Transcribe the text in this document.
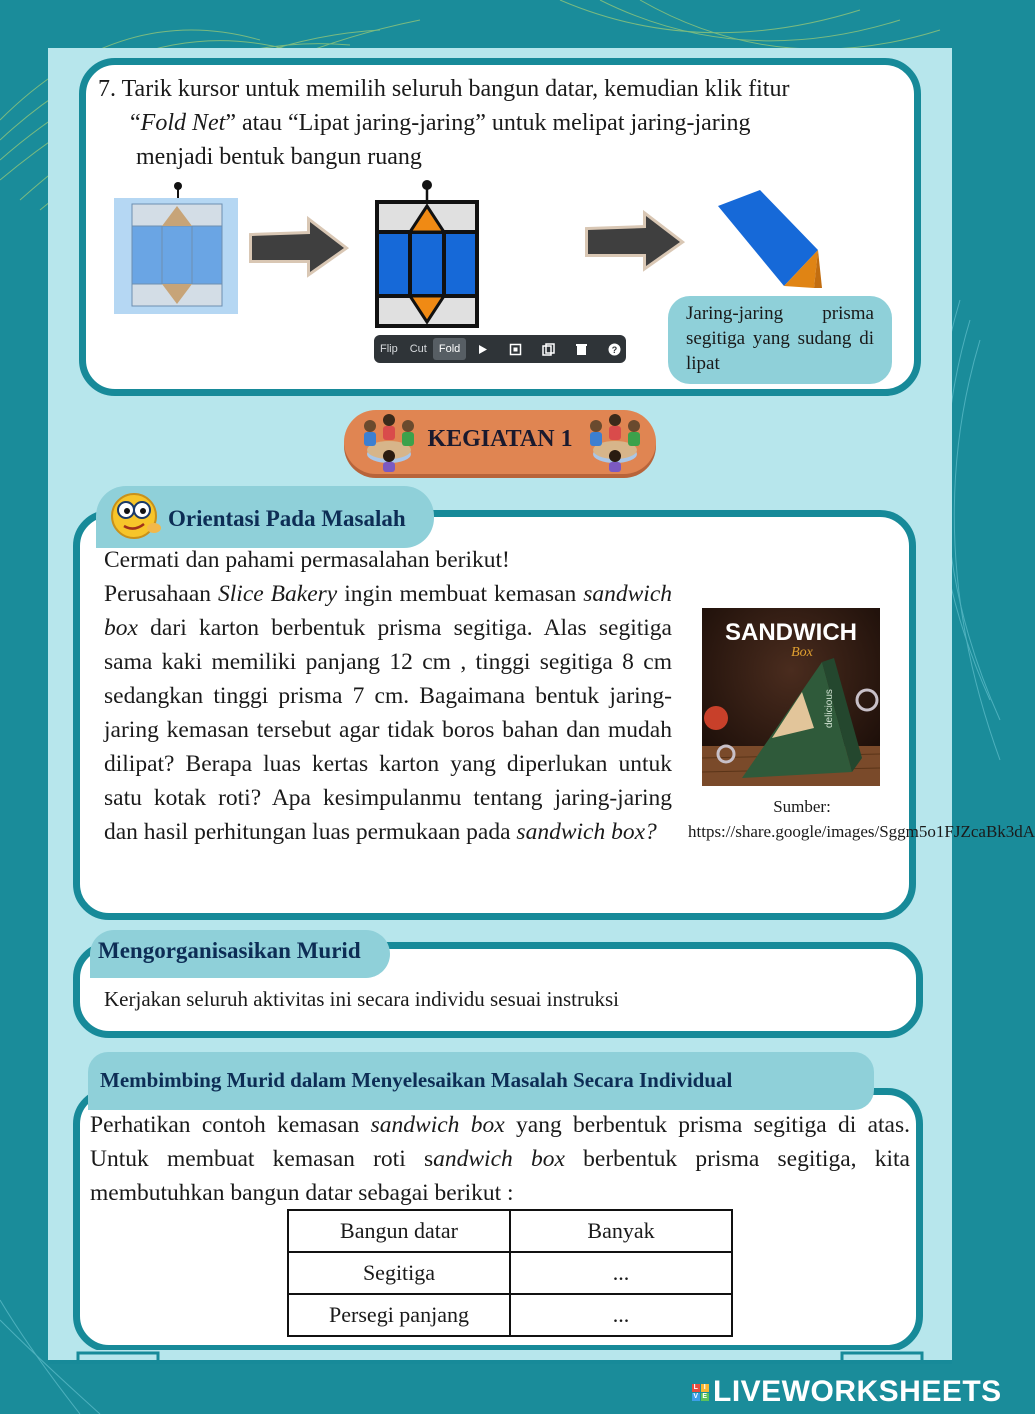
7. Tarik kursor untuk memilih seluruh bangun datar, kemudian klik fitur
“Fold Net” atau “Lipat jaring-jaring” untuk melipat jaring-jaring
menjadi bentuk bangun ruang
Flip	Cut	Fold Net
?
Jaring-jaring prisma segitiga yang sudang di lipat
KEGIATAN 1
Orientasi Pada Masalah
Cermati dan pahami permasalahan berikut!
Perusahaan Slice Bakery ingin membuat kemasan sandwich box dari karton berbentuk prisma segitiga. Alas segitiga sama kaki memiliki panjang 12 cm , tinggi segitiga 8 cm sedangkan tinggi prisma 7 cm. Bagaimana bentuk jaring-jaring kemasan tersebut agar tidak boros bahan dan mudah dilipat? Berapa luas kertas karton yang diperlukan untuk satu kotak roti? Apa kesimpulanmu tentang jaring-jaring dan hasil perhitungan luas permukaan pada sandwich box?
SANDWICH
Box
delicious
Sumber: https://share.google/images/Sggm5o1FJZcaBk3dA
Mengorganisasikan Murid
Kerjakan seluruh aktivitas ini secara individu sesuai instruksi
Membimbing Murid dalam Menyelesaikan Masalah Secara Individual
Perhatikan contoh kemasan sandwich box yang berbentuk prisma segitiga di atas. Untuk membuat kemasan roti sandwich box berbentuk prisma segitiga, kita membutuhkan bangun datar sebagai berikut :
Bangun datar	Banyak
Segitiga	...
Persegi panjang	...
L I
V E LIVEWORKSHEETS
